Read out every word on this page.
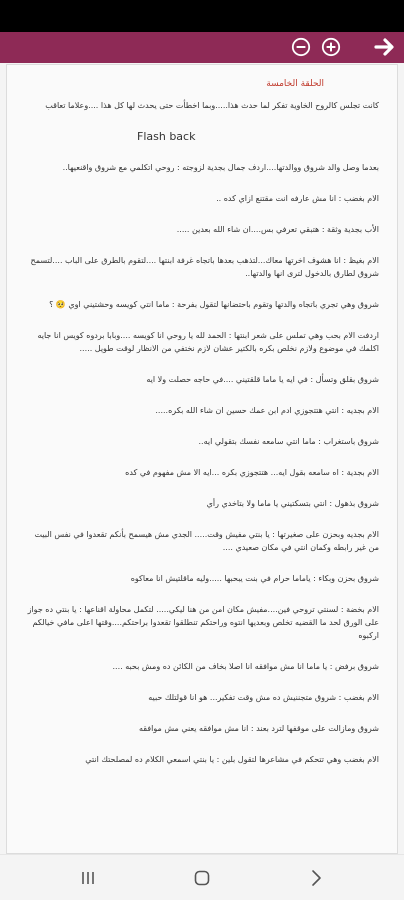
الحلقة الخامسة

كانت تجلس كالروح الخاوية تفكر لما حدث هذا.....وبما اخطأت حتى يحدث لها كل هذا ....وعلاما تعاقب

Flash back

بعدما وصل والد شروق ووالدتها....اردف جمال بجدية لزوجته : روحي اتكلمي مع شروق واقنعيها..

الام بغضب : انا مش عارفه انت مقتنع ازاي كده ..

الأب بجدية وثقة : هتبقي تعرفي بس....ان شاء الله بعدين .....

الام بغيظ : انا هشوف اخرتها معاك...لتذهب بعدها باتجاه غرفة ابنتها ....لتقوم بالطرق على الباب ....لتسمح شروق لطارق بالدخول لترى انها والدتها..

شروق وهي تجري باتجاه والدتها وتقوم باحتضانها لتقول بفرحة : ماما انتي كويسه وحشتيني اوي 🥺 ؟

اردفت الام بحب وهي تملس على شعر ابنتها : الحمد لله يا روحي انا كويسه ....وبابا بردوه كويس انا جايه اكلمك في موضوع ولازم نخلص بكره بالكتير عشان لازم نختفي من الانظار لوقت طويل .....

شروق بقلق وتسأل : في ايه يا ماما قلقتيني ....في حاجه حصلت ولا ايه

الام بجديه : انتي هتتجوزي ادم ابن عمك حسين ان شاء الله بكره.....

شروق باستغراب : ماما انتي سامعه نفسك بتقولي ايه..

الام بجدية : اه سامعه بقول ايه... هتتجوزي بكره ...ايه الا مش مفهوم في كده

شروق بذهول : انتي بتسكتيني يا ماما ولا بتاخدي رأي

الام بجديه وبحزن على صغيرتها : يا بنتي مفيش وقت..... الجدي مش هيسمح بأنكم تقعدوا في نفس البيت من غير رابطه وكمان انتي في مكان صعيدي ....

شروق بحزن وبكاء : ياماما حرام في بنت يبحبها .....وليه ماقلتيش انا معاكوه

الام بخضة : لسنتي تروحي فين....مفيش مكان امن من هنا ليكي..... لتكمل محاولة اقناعها : يا بنتي ده جواز على الورق لحد ما القضيه تخلص وبعديها انتوه وراحتكم تنطلقوا تقعدوا براحتكم....وقتها اعلى مافي خيالكم اركبوه

شروق برفض : يا ماما انا مش موافقه انا اصلا بخاف من الكائن ده ومش بحبه ....

الام بغضب : شروق متجننيش ده مش وقت تفكير... هو انا قولتلك حبيه

شروق ومازالت على موقفها لترد بعند : انا مش موافقه يعني مش موافقه

الام بغضب وهي تتحكم في مشاعرها لتقول بلين : يا بنتي اسمعي الكلام ده لمصلحتك انتي
